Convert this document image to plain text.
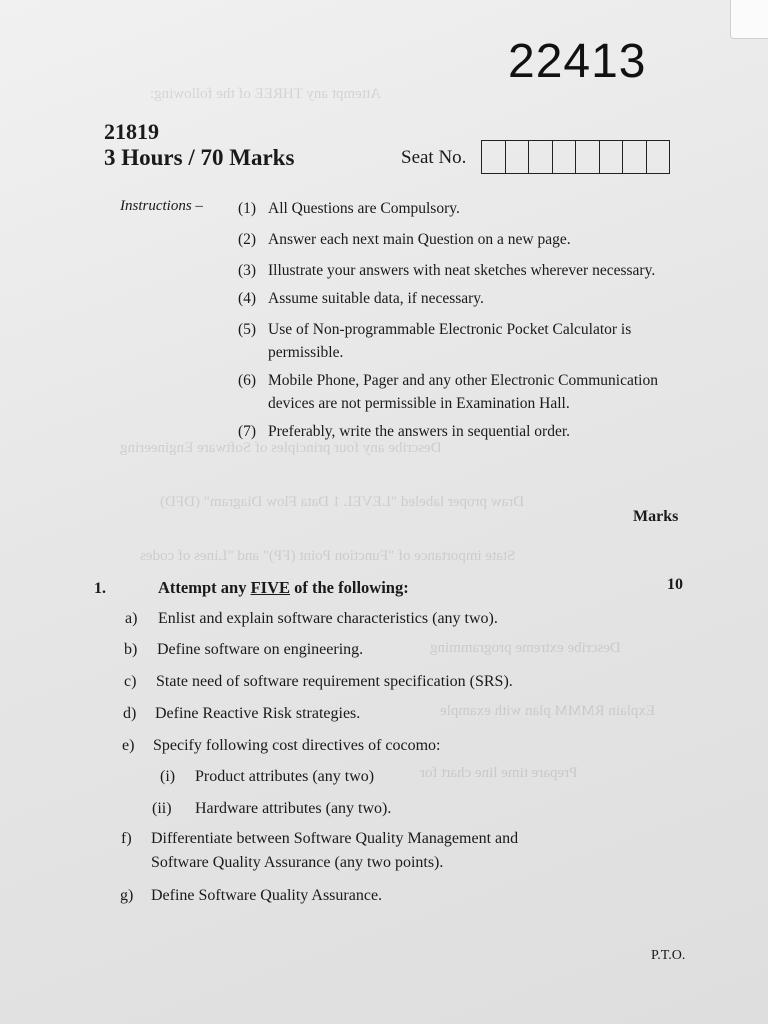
Attempt any THREE of the following:
Describe any four principles of Software Engineering
Draw proper labeled "LEVEL 1 Data Flow Diagram" (DFD)
State importance of "Function Point (FP)" and "Lines of codes
Describe extreme programming
Explain RMMM plan with example
Prepare time line chart for
22413
21819
3 Hours / 70 Marks	Seat No.
Instructions – (1) All Questions are Compulsory.
(2) Answer each next main Question on a new page.
(3) Illustrate your answers with neat sketches wherever necessary.
(4) Assume suitable data, if necessary.
(5) Use of Non-programmable Electronic Pocket Calculator is permissible.
(6) Mobile Phone, Pager and any other Electronic Communication devices are not permissible in Examination Hall.
(7) Preferably, write the answers in sequential order.
Marks
1.	Attempt any FIVE of the following:	10
a) Enlist and explain software characteristics (any two).
b) Define software on engineering.
c) State need of software requirement specification (SRS).
d) Define Reactive Risk strategies.
e) Specify following cost directives of cocomo:
(i) Product attributes (any two)
(ii) Hardware attributes (any two).
f) Differentiate between Software Quality Management and
Software Quality Assurance (any two points).
g) Define Software Quality Assurance.
P.T.O.
